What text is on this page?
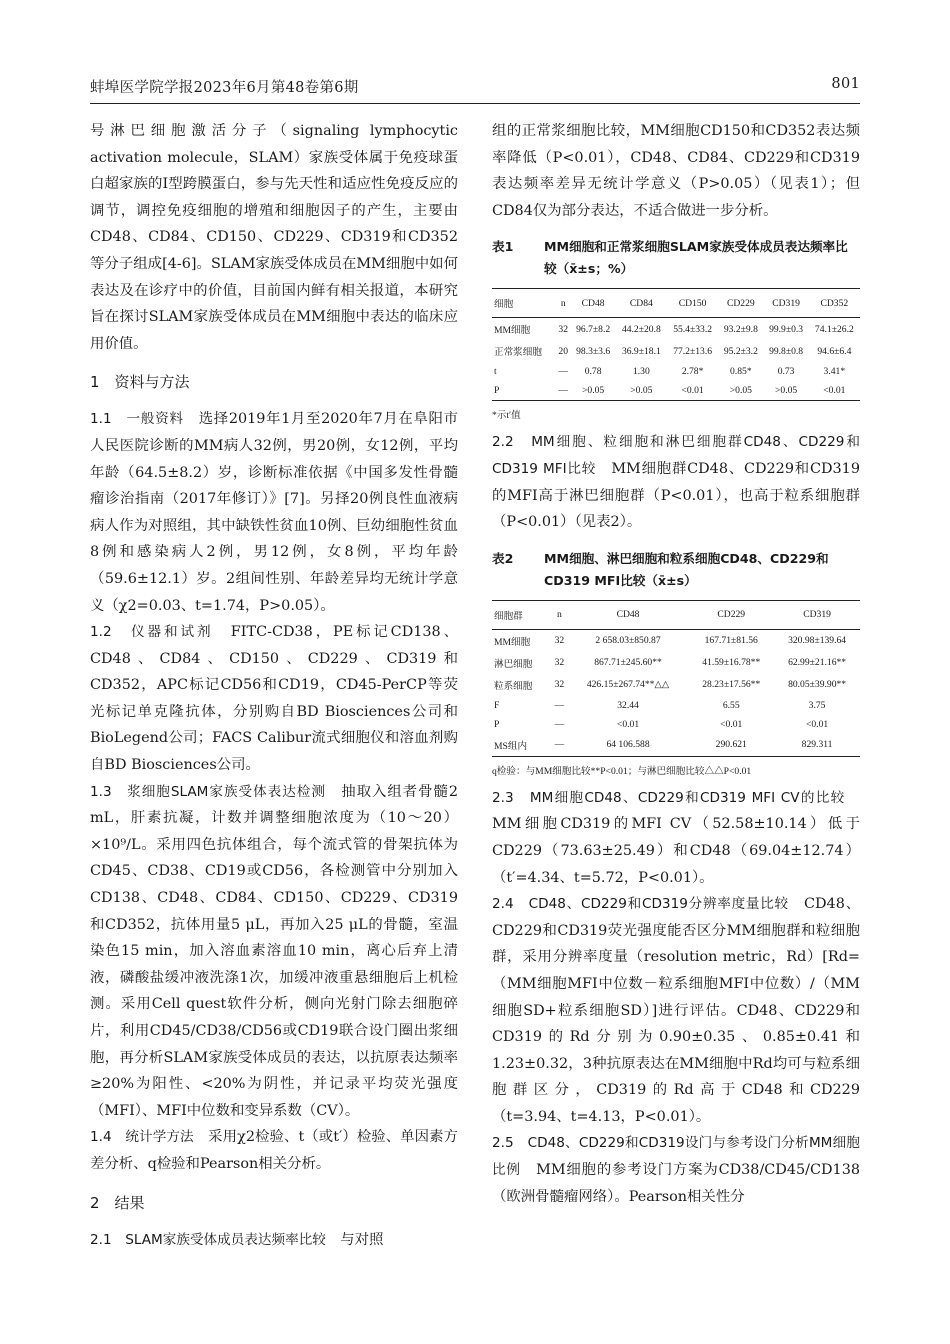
蚌埠医学院学报2023年6月第48卷第6期	801

号淋巴细胞激活分子（signaling lymphocytic activation molecule，SLAM）家族受体属于免疫球蛋白超家族的Ⅰ型跨膜蛋白，参与先天性和适应性免疫反应的调节，调控免疫细胞的增殖和细胞因子的产生，主要由CD48、CD84、CD150、CD229、CD319和CD352等分子组成[4-6]。SLAM家族受体成员在MM细胞中如何表达及在诊疗中的价值，目前国内鲜有相关报道，本研究旨在探讨SLAM家族受体成员在MM细胞中表达的临床应用价值。

1　资料与方法

1.1　一般资料　选择2019年1月至2020年7月在阜阳市人民医院诊断的MM病人32例，男20例，女12例，平均年龄（64.5±8.2）岁，诊断标准依据《中国多发性骨髓瘤诊治指南（2017年修订）》[7]。另择20例良性血液病病人作为对照组，其中缺铁性贫血10例、巨幼细胞性贫血8例和感染病人2例，男12例，女8例，平均年龄（59.6±12.1）岁。2组间性别、年龄差异均无统计学意义（χ2=0.03、t=1.74，P>0.05）。

1.2　仪器和试剂　FITC-CD38，PE标记CD138、CD48、CD84、CD150、CD229、CD319和CD352，APC标记CD56和CD19，CD45-PerCP等荧光标记单克隆抗体，分别购自BD Biosciences公司和BioLegend公司；FACS Calibur流式细胞仪和溶血剂购自BD Biosciences公司。

1.3　浆细胞SLAM家族受体表达检测　抽取入组者骨髓2 mL，肝素抗凝，计数并调整细胞浓度为（10～20）×10⁹/L。采用四色抗体组合，每个流式管的骨架抗体为CD45、CD38、CD19或CD56，各检测管中分别加入CD138、CD48、CD84、CD150、CD229、CD319和CD352，抗体用量5 μL，再加入25 μL的骨髓，室温染色15 min，加入溶血素溶血10 min，离心后弃上清液，磷酸盐缓冲液洗涤1次，加缓冲液重悬细胞后上机检测。采用Cell quest软件分析，侧向光射门除去细胞碎片，利用CD45/CD38/CD56或CD19联合设门圈出浆细胞，再分析SLAM家族受体成员的表达，以抗原表达频率≥20%为阳性、<20%为阴性，并记录平均荧光强度（MFI）、MFI中位数和变异系数（CV）。

1.4　统计学方法　采用χ2检验、t（或t′）检验、单因素方差分析、q检验和Pearson相关分析。

2　结果

2.1　SLAM家族受体成员表达频率比较　与对照

组的正常浆细胞比较，MM细胞CD150和CD352表达频率降低（P<0.01），CD48、CD84、CD229和CD319表达频率差异无统计学意义（P>0.05）（见表1）；但CD84仅为部分表达，不适合做进一步分析。

表1 MM细胞和正常浆细胞SLAM家族受体成员表达频率比较（x̄±s；%）
细胞	n	CD48	CD84	CD150	CD229	CD319	CD352
MM细胞	32	96.7±8.2	44.2±20.8	55.4±33.2	93.2±9.8	99.9±0.3	74.1±26.2
正常浆细胞	20	98.3±3.6	36.9±18.1	77.2±13.6	95.2±3.2	99.8±0.8	94.6±6.4
t	—	0.78	1.30	2.78*	0.85*	0.73	3.41*
P	—	>0.05	>0.05	<0.01	>0.05	>0.05	<0.01
*示t′值

2.2　MM细胞、粒细胞和淋巴细胞群CD48、CD229和CD319 MFI比较　MM细胞群CD48、CD229和CD319的MFI高于淋巴细胞群（P<0.01），也高于粒系细胞群（P<0.01）（见表2）。

表2 MM细胞、淋巴细胞和粒系细胞CD48、CD229和CD319 MFI比较（x̄±s）
细胞群	n	CD48	CD229	CD319
MM细胞	32	2 658.03±850.87	167.71±81.56	320.98±139.64
淋巴细胞	32	867.71±245.60**	41.59±16.78**	62.99±21.16**
粒系细胞	32	426.15±267.74**△△	28.23±17.56**	80.05±39.90**
F	—	32.44	6.55	3.75
P	—	<0.01	<0.01	<0.01
MS组内	—	64 106.588	290.621	829.311
q检验：与MM细胞比较**P<0.01；与淋巴细胞比较△△P<0.01

2.3　MM细胞CD48、CD229和CD319 MFI CV的比较　MM细胞CD319的MFI CV（52.58±10.14）低于CD229（73.63±25.49）和CD48（69.04±12.74）（t′=4.34、t=5.72，P<0.01）。

2.4　CD48、CD229和CD319分辨率度量比较　CD48、CD229和CD319荧光强度能否区分MM细胞群和粒细胞群，采用分辨率度量（resolution metric，Rd）[Rd=（MM细胞MFI中位数－粒系细胞MFI中位数）/（MM细胞SD+粒系细胞SD）]进行评估。CD48、CD229和CD319的Rd分别为0.90±0.35、0.85±0.41和1.23±0.32，3种抗原表达在MM细胞中Rd均可与粒系细胞群区分，CD319的Rd高于CD48和CD229（t=3.94、t=4.13，P<0.01）。

2.5　CD48、CD229和CD319设门与参考设门分析MM细胞比例　MM细胞的参考设门方案为CD38/CD45/CD138（欧洲骨髓瘤网络）。Pearson相关性分
